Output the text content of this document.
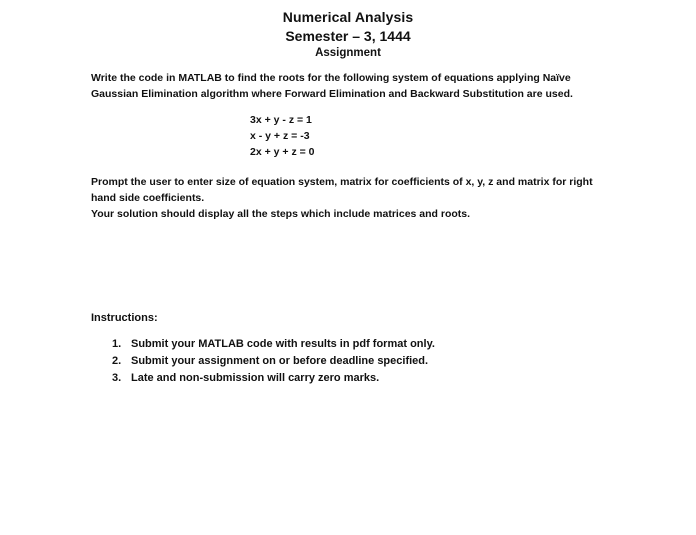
Numerical Analysis
Semester – 3, 1444
Assignment
Write the code in MATLAB to find the roots for the following system of equations applying Naïve Gaussian Elimination algorithm where Forward Elimination and Backward Substitution are used.
3x + y - z = 1
x - y + z = -3
2x + y + z = 0
Prompt the user to enter size of equation system, matrix for coefficients of x, y, z and matrix for right hand side coefficients.
Your solution should display all the steps which include matrices and roots.
Instructions:
1. Submit your MATLAB code with results in pdf format only.
2. Submit your assignment on or before deadline specified.
3. Late and non-submission will carry zero marks.
